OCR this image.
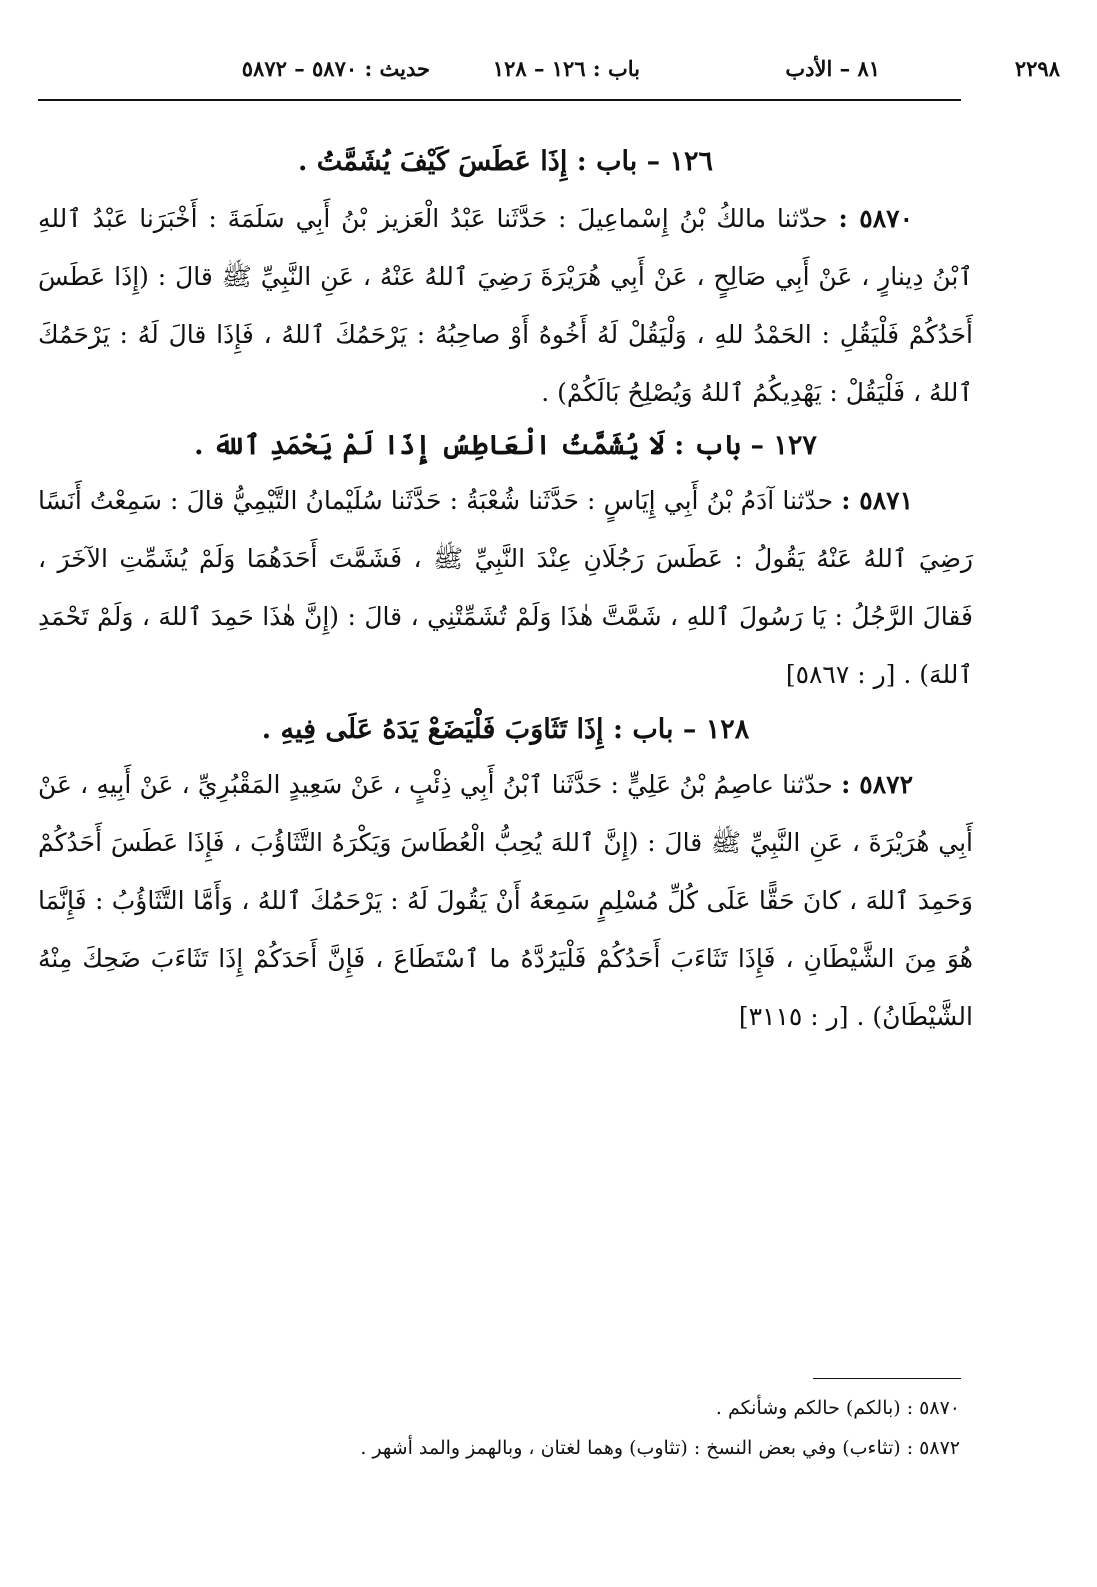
٢٢٩٨
٨١ – الأدب
باب : ١٢٦ – ١٢٨
حديث : ٥٨٧٠ – ٥٨٧٢

١٢٦ – باب : إِذَا عَطَسَ كَيْفَ يُشَمَّتُ .

٥٨٧٠ : حدّثنا مالكُ بْنُ إِسْماعِيلَ : حَدَّثَنا عَبْدُ الْعَزيز بْنُ أَبِي سَلَمَةَ : أَخْبَرَنا عَبْدُ ٱللهِ ٱبْنُ دِينارٍ ، عَنْ أَبِي صَالِحٍ ، عَنْ أَبِي هُرَيْرَةَ رَضِيَ ٱللهُ عَنْهُ ، عَنِ النَّبِيِّ ﷺ قالَ : (إِذَا عَطَسَ أَحَدُكُمْ فَلْيَقُلِ : الحَمْدُ للهِ ، وَلْيَقُلْ لَهُ أَخُوهُ أَوْ صاحِبُهُ : يَرْحَمُكَ ٱللهُ ، فَإِذَا قالَ لَهُ : يَرْحَمُكَ ٱللهُ ، فَلْيَقُلْ : يَهْدِيكُمُ ٱللهُ وَيُصْلِحُ بَالَكُمْ) .

١٢٧ – باب : لَا يُشَمَّتُ الْعَاطِسُ إِذَا لَمْ يَحْمَدِ ٱللهَ .

٥٨٧١ : حدّثنا آدَمُ بْنُ أَبِي إِيَاسٍ : حَدَّثَنا شُعْبَةُ : حَدَّثَنا سُلَيْمانُ التَّيْمِيُّ قالَ : سَمِعْتُ أَنَسًا رَضِيَ ٱللهُ عَنْهُ يَقُولُ : عَطَسَ رَجُلَانِ عِنْدَ النَّبِيِّ ﷺ ، فَشَمَّتَ أَحَدَهُمَا وَلَمْ يُشَمِّتِ الآخَرَ ، فَقالَ الرَّجُلُ : يَا رَسُولَ ٱللهِ ، شَمَّتَّ هٰذَا وَلَمْ تُشَمِّتْنِي ، قالَ : (إِنَّ هٰذَا حَمِدَ ٱللهَ ، وَلَمْ تَحْمَدِ ٱللهَ) . [ر : ٥٨٦٧]

١٢٨ – باب : إِذَا تَثَاوَبَ فَلْيَضَعْ يَدَهُ عَلَى فِيهِ .

٥٨٧٢ : حدّثنا عاصِمُ بْنُ عَلِيٍّ : حَدَّثَنا ٱبْنُ أَبِي ذِئْبٍ ، عَنْ سَعِيدٍ المَقْبُرِيِّ ، عَنْ أَبِيهِ ، عَنْ أَبِي هُرَيْرَةَ ، عَنِ النَّبِيِّ ﷺ قالَ : (إِنَّ ٱللهَ يُحِبُّ الْعُطَاسَ وَيَكْرَهُ التَّثَاؤُبَ ، فَإِذَا عَطَسَ أَحَدُكُمْ وَحَمِدَ ٱللهَ ، كانَ حَقًّا عَلَى كُلِّ مُسْلِمٍ سَمِعَهُ أَنْ يَقُولَ لَهُ : يَرْحَمُكَ ٱللهُ ، وَأَمَّا التَّثَاؤُبُ : فَإِنَّمَا هُوَ مِنَ الشَّيْطَانِ ، فَإِذَا تَثَاءَبَ أَحَدُكُمْ فَلْيَرُدَّهُ ما ٱسْتَطَاعَ ، فَإِنَّ أَحَدَكُمْ إِذَا تَثَاءَبَ ضَحِكَ مِنْهُ الشَّيْطَانُ) . [ر : ٣١١٥]

٥٨٧٠ : (بالكم) حالكم وشأنكم .

٥٨٧٢ : (تثاءب) وفي بعض النسخ : (تثاوب) وهما لغتان ، وبالهمز والمد أشهر .
